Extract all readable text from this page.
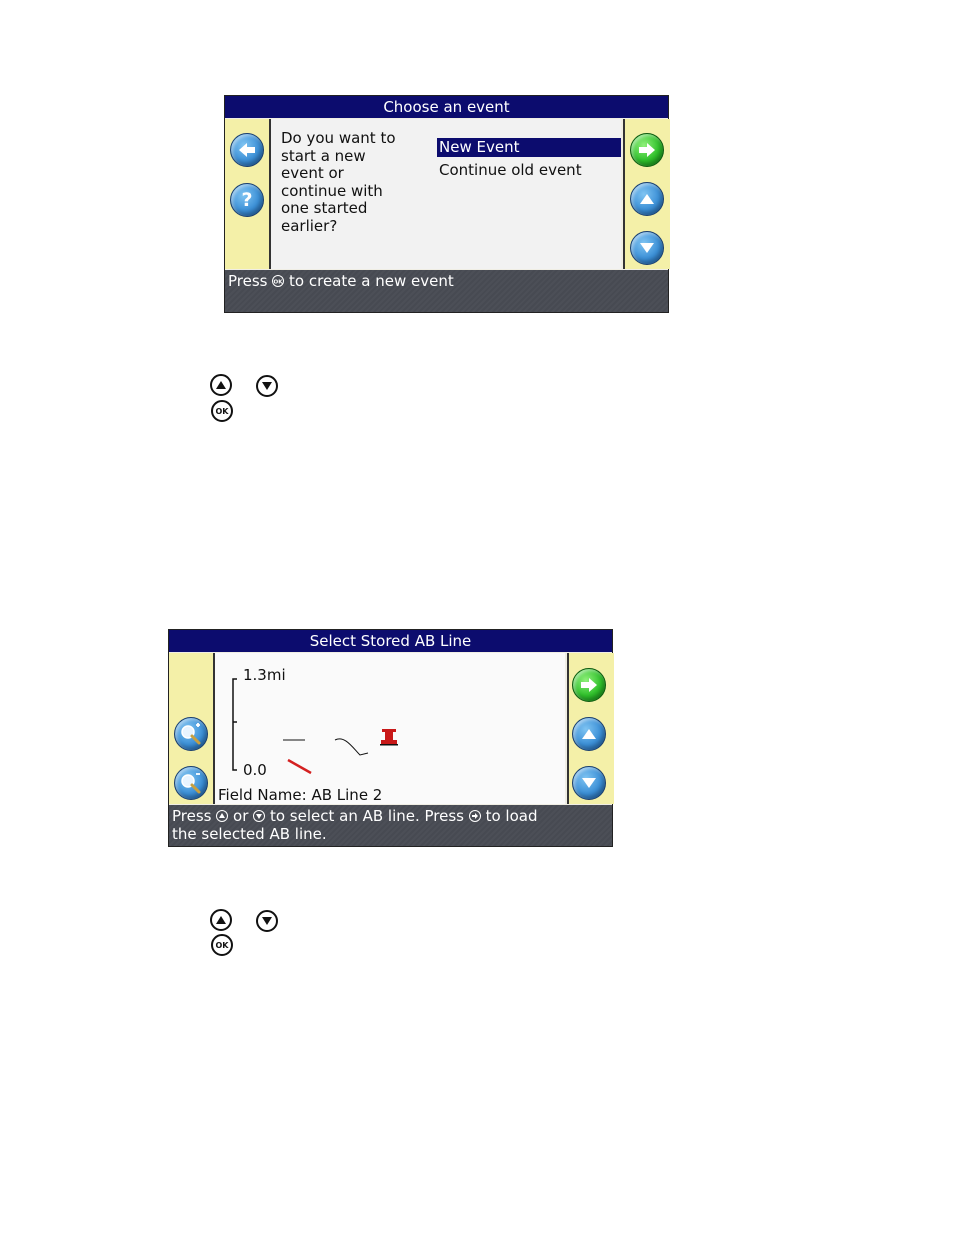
Choose an event
?
Do you want to
start a new
event or
continue with
one started
earlier?
New Event
Continue old event
Press OK to create a new event
OK
Select Stored AB Line
1.3mi
0.0
Field Name: AB Line 2
Press or to select an AB line. Press to load
the selected AB line.
OK
